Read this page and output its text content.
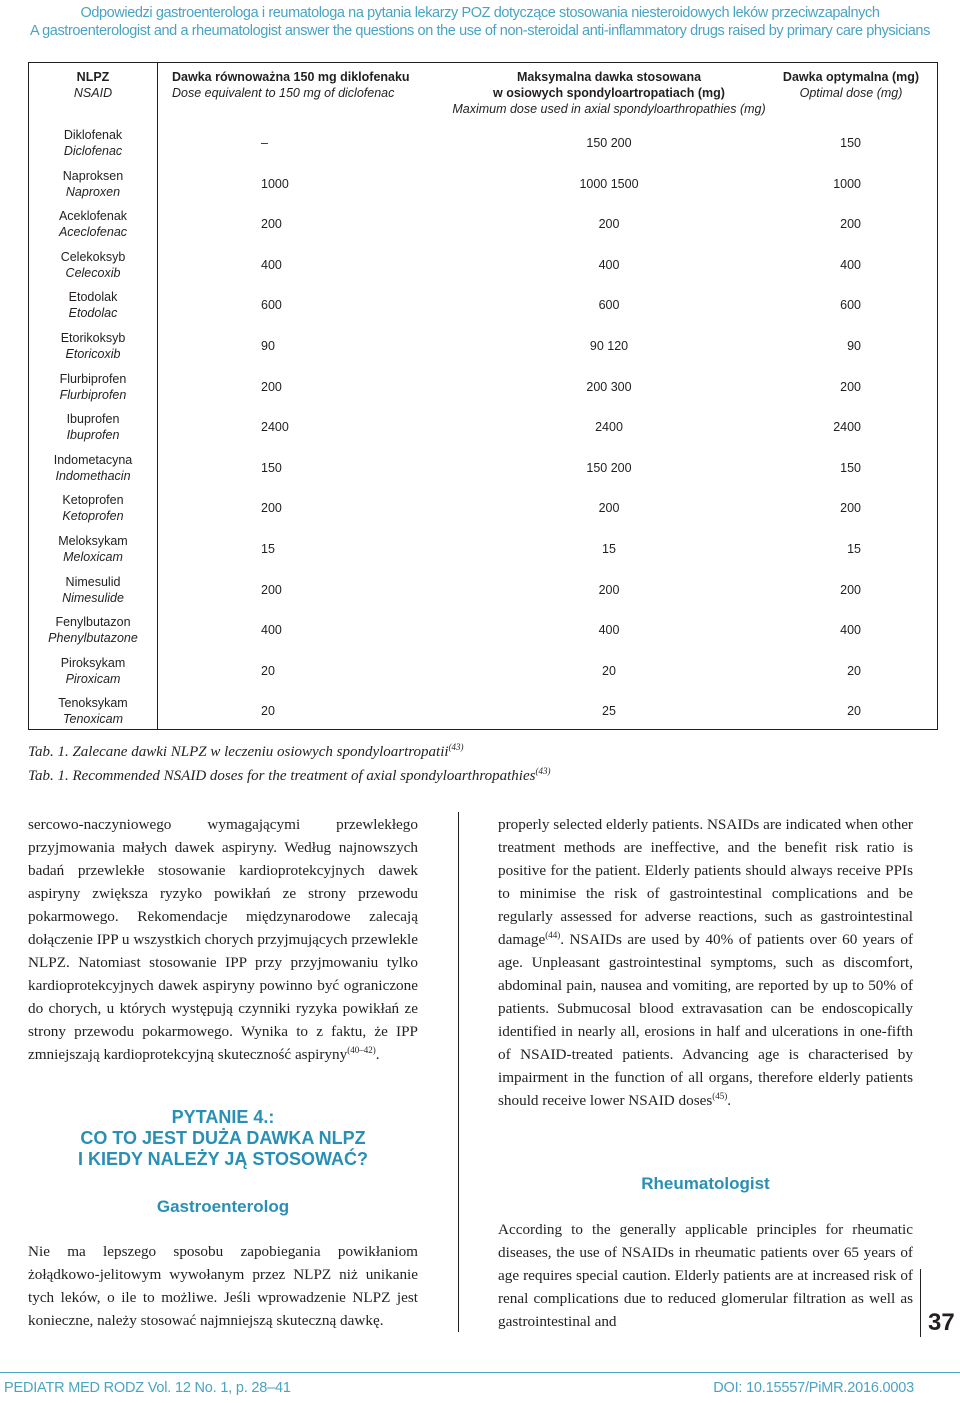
Odpowiedzi gastroenterologa i reumatologa na pytania lekarzy POZ dotyczące stosowania niesteroidowych leków przeciwzapalnych
A gastroenterologist and a rheumatologist answer the questions on the use of non-steroidal anti-inflammatory drugs raised by primary care physicians
NLPZ
NSAID
Dawka równoważna 150 mg diklofenaku
Dose equivalent to 150 mg of diclofenac
Maksymalna dawka stosowana
w osiowych spondyloartropatiach (mg)
Maximum dose used in axial spondyloarthropathies (mg)
Dawka optymalna (mg)
Optimal dose (mg)
Diklofenak
Diclofenac
–	150 200	150
Naproksen
Naproxen
1000	1000 1500	1000
Aceklofenak
Aceclofenac
200	200	200
Celekoksyb
Celecoxib
400	400	400
Etodolak
Etodolac
600	600	600
Etorikoksyb
Etoricoxib
90	90 120	90
Flurbiprofen
Flurbiprofen
200	200 300	200
Ibuprofen
Ibuprofen
2400	2400	2400
Indometacyna
Indomethacin
150	150 200	150
Ketoprofen
Ketoprofen
200	200	200
Meloksykam
Meloxicam
15	15	15
Nimesulid
Nimesulide
200	200	200
Fenylbutazon
Phenylbutazone
400	400	400
Piroksykam
Piroxicam
20	20	20
Tenoksykam
Tenoxicam
20	25	20
Tab. 1. Zalecane dawki NLPZ w leczeniu osiowych spondyloartropatii$^{(43)}$
Tab. 1. Recommended NSAID doses for the treatment of axial spondyloarthropathies$^{(43)}$
sercowo-naczyniowego wymagającymi przewlekłego przyjmowania małych dawek aspiryny. Według najnowszych badań przewlekłe stosowanie kardioprotekcyjnych dawek aspiryny zwiększa ryzyko powikłań ze strony przewodu pokarmowego. Rekomendacje międzynarodowe zalecają dołączenie IPP u wszystkich chorych przyjmujących przewlekle NLPZ. Natomiast stosowanie IPP przy przyjmowaniu tylko kardioprotekcyjnych dawek aspiryny powinno być ograniczone do chorych, u których występują czynniki ryzyka powikłań ze strony przewodu pokarmowego. Wynika to z faktu, że IPP zmniejszają kardioprotekcyjną skuteczność aspiryny$^{(40-42)}$.
PYTANIE 4.:
CO TO JEST DUŻA DAWKA NLPZ
I KIEDY NALEŻY JĄ STOSOWAĆ?
Gastroenterolog
Nie ma lepszego sposobu zapobiegania powikłaniom żołądkowo-jelitowym wywołanym przez NLPZ niż unikanie tych leków, o ile to możliwe. Jeśli wprowadzenie NLPZ jest konieczne, należy stosować najmniejszą skuteczną dawkę.
properly selected elderly patients. NSAIDs are indicated when other treatment methods are ineffective, and the benefit risk ratio is positive for the patient. Elderly patients should always receive PPIs to minimise the risk of gastrointestinal complications and be regularly assessed for adverse reactions, such as gastrointestinal damage$^{(44)}$. NSAIDs are used by 40% of patients over 60 years of age. Unpleasant gastrointestinal symptoms, such as discomfort, abdominal pain, nausea and vomiting, are reported by up to 50% of patients. Submucosal blood extravasation can be endoscopically identified in nearly all, erosions in half and ulcerations in one-fifth of NSAID-treated patients. Advancing age is characterised by impairment in the function of all organs, therefore elderly patients should receive lower NSAID doses$^{(45)}$.
Rheumatologist
According to the generally applicable principles for rheumatic diseases, the use of NSAIDs in rheumatic patients over 65 years of age requires special caution. Elderly patients are at increased risk of renal complications due to reduced glomerular filtration as well as gastrointestinal and	37
PEDIATR MED RODZ Vol. 12 No. 1, p. 28–41	DOI: 10.15557/PiMR.2016.0003
